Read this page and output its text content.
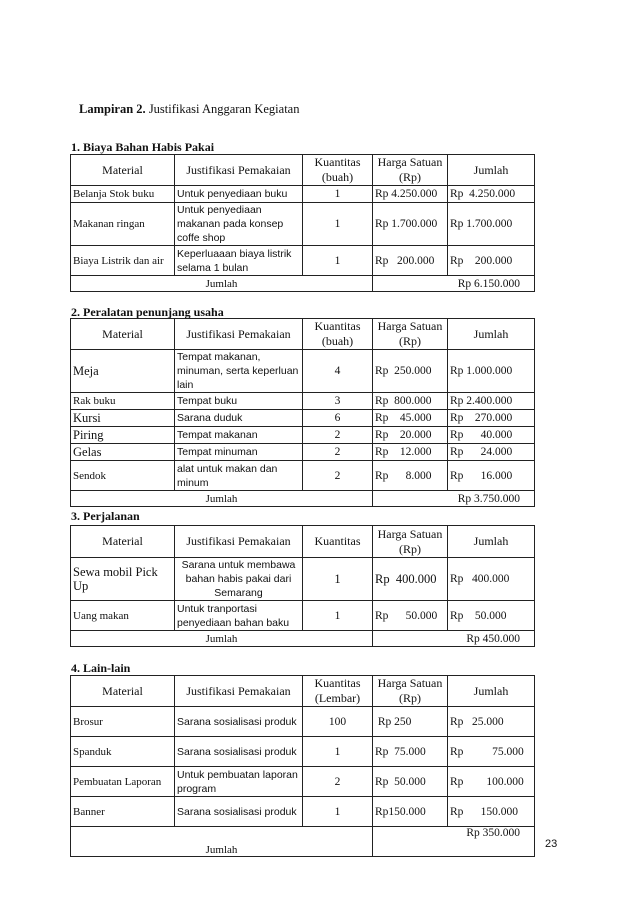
Lampiran 2. Justifikasi Anggaran Kegiatan
1. Biaya Bahan Habis Pakai
Material	Justifikasi Pemakaian	Kuantitas (buah)	Harga Satuan (Rp)	Jumlah
Belanja Stok buku	Untuk penyediaan buku	1	Rp 4.250.000	Rp  4.250.000
Makanan ringan	Untuk penyediaan makanan pada konsep coffe shop	1	Rp 1.700.000	Rp 1.700.000
Biaya Listrik dan air	Keperluaaan biaya listrik selama 1 bulan	1	Rp   200.000	Rp    200.000
Jumlah			Rp 6.150.000	
2. Peralatan penunjang usaha
Material	Justifikasi Pemakaian	Kuantitas (buah)	Harga Satuan (Rp)	Jumlah
Meja	Tempat makanan, minuman, serta keperluan lain	4	Rp  250.000	Rp 1.000.000
Rak buku	Tempat buku	3	Rp  800.000	Rp 2.400.000
Kursi	Sarana duduk	6	Rp    45.000	Rp    270.000
Piring	Tempat makanan	2	Rp    20.000	Rp      40.000
Gelas	Tempat minuman	2	Rp    12.000	Rp      24.000
Sendok	alat untuk makan dan minum	2	Rp      8.000	Rp      16.000
Jumlah			Rp 3.750.000	
3. Perjalanan
Material	Justifikasi Pemakaian	Kuantitas	Harga Satuan (Rp)	Jumlah
Sewa mobil Pick Up	Sarana untuk membawa bahan habis pakai dari Semarang	1	Rp  400.000	Rp   400.000
Uang makan	Untuk tranportasi penyediaan bahan baku	1	Rp      50.000	Rp    50.000
Jumlah			Rp 450.000	
4. Lain-lain
Material	Justifikasi Pemakaian	Kuantitas (Lembar)	Harga Satuan (Rp)	Jumlah
Brosur	Sarana sosialisasi produk	100	Rp 250	Rp   25.000
Spanduk	Sarana sosialisasi produk	1	Rp  75.000	Rp          75.000
Pembuatan Laporan	Untuk pembuatan laporan program	2	Rp  50.000	Rp        100.000
Banner	Sarana sosialisasi produk	1	Rp150.000	Rp      150.000
Jumlah			Rp 350.000	
23
